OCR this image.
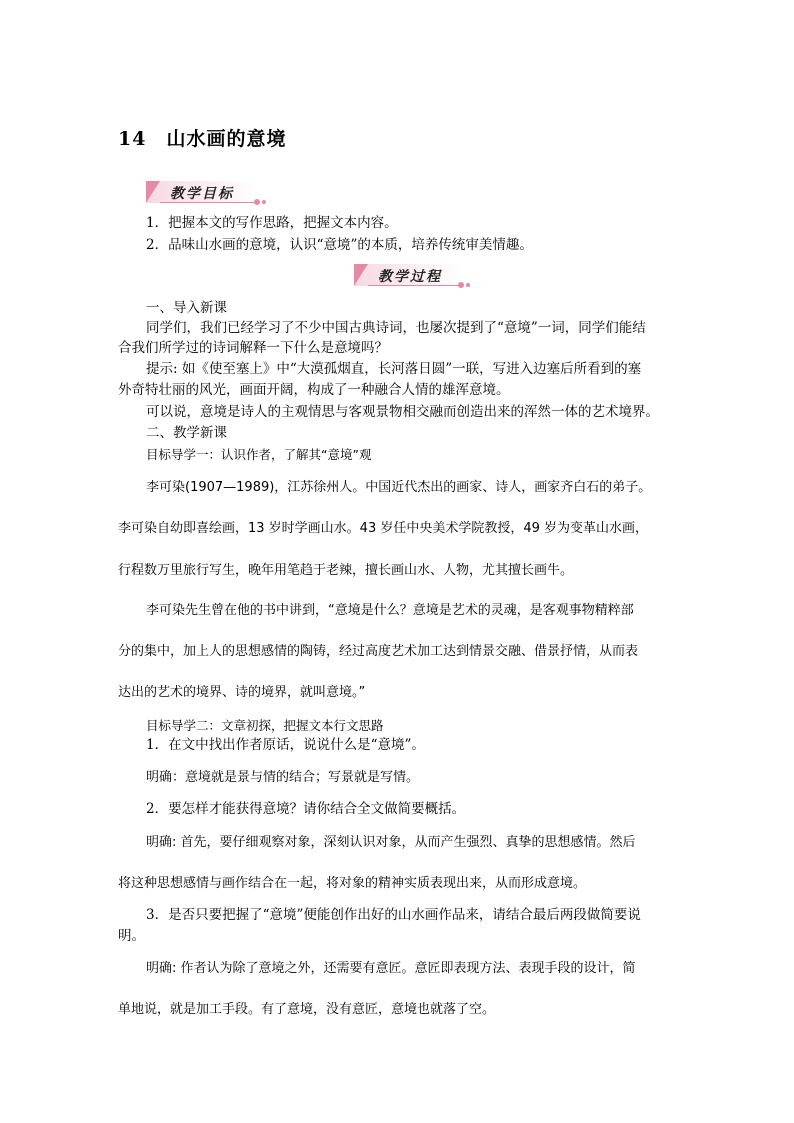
14 山水画的意境
教学目标
1．把握本文的写作思路，把握文本内容。
2．品味山水画的意境，认识“意境”的本质，培养传统审美情趣。
教学过程
一、导入新课
同学们，我们已经学习了不少中国古典诗词，也屡次提到了“意境”一词，同学们能结
合我们所学过的诗词解释一下什么是意境吗？
提示: 如《使至塞上》中“大漠孤烟直，长河落日圆”一联，写进入边塞后所看到的塞
外奇特壮丽的风光，画面开阔，构成了一种融合人情的雄浑意境。
可以说，意境是诗人的主观情思与客观景物相交融而创造出来的浑然一体的艺术境界。
二、教学新课
目标导学一：认识作者，了解其“意境”观
李可染(1907—1989)，江苏徐州人。中国近代杰出的画家、诗人，画家齐白石的弟子。
李可染自幼即喜绘画，13 岁时学画山水。43 岁任中央美术学院教授，49 岁为变革山水画，
行程数万里旅行写生，晚年用笔趋于老辣，擅长画山水、人物，尤其擅长画牛。
李可染先生曾在他的书中讲到，“意境是什么？意境是艺术的灵魂，是客观事物精粹部
分的集中，加上人的思想感情的陶铸，经过高度艺术加工达到情景交融、借景抒情，从而表
达出的艺术的境界、诗的境界，就叫意境。”
目标导学二：文章初探，把握文本行文思路
1．在文中找出作者原话，说说什么是“意境”。
明确：意境就是景与情的结合；写景就是写情。
2．要怎样才能获得意境？请你结合全文做简要概括。
明确: 首先，要仔细观察对象，深刻认识对象，从而产生强烈、真挚的思想感情。然后
将这种思想感情与画作结合在一起，将对象的精神实质表现出来，从而形成意境。
3．是否只要把握了“意境”便能创作出好的山水画作品来，请结合最后两段做简要说
明。
明确: 作者认为除了意境之外，还需要有意匠。意匠即表现方法、表现手段的设计，简
单地说，就是加工手段。有了意境，没有意匠，意境也就落了空。
